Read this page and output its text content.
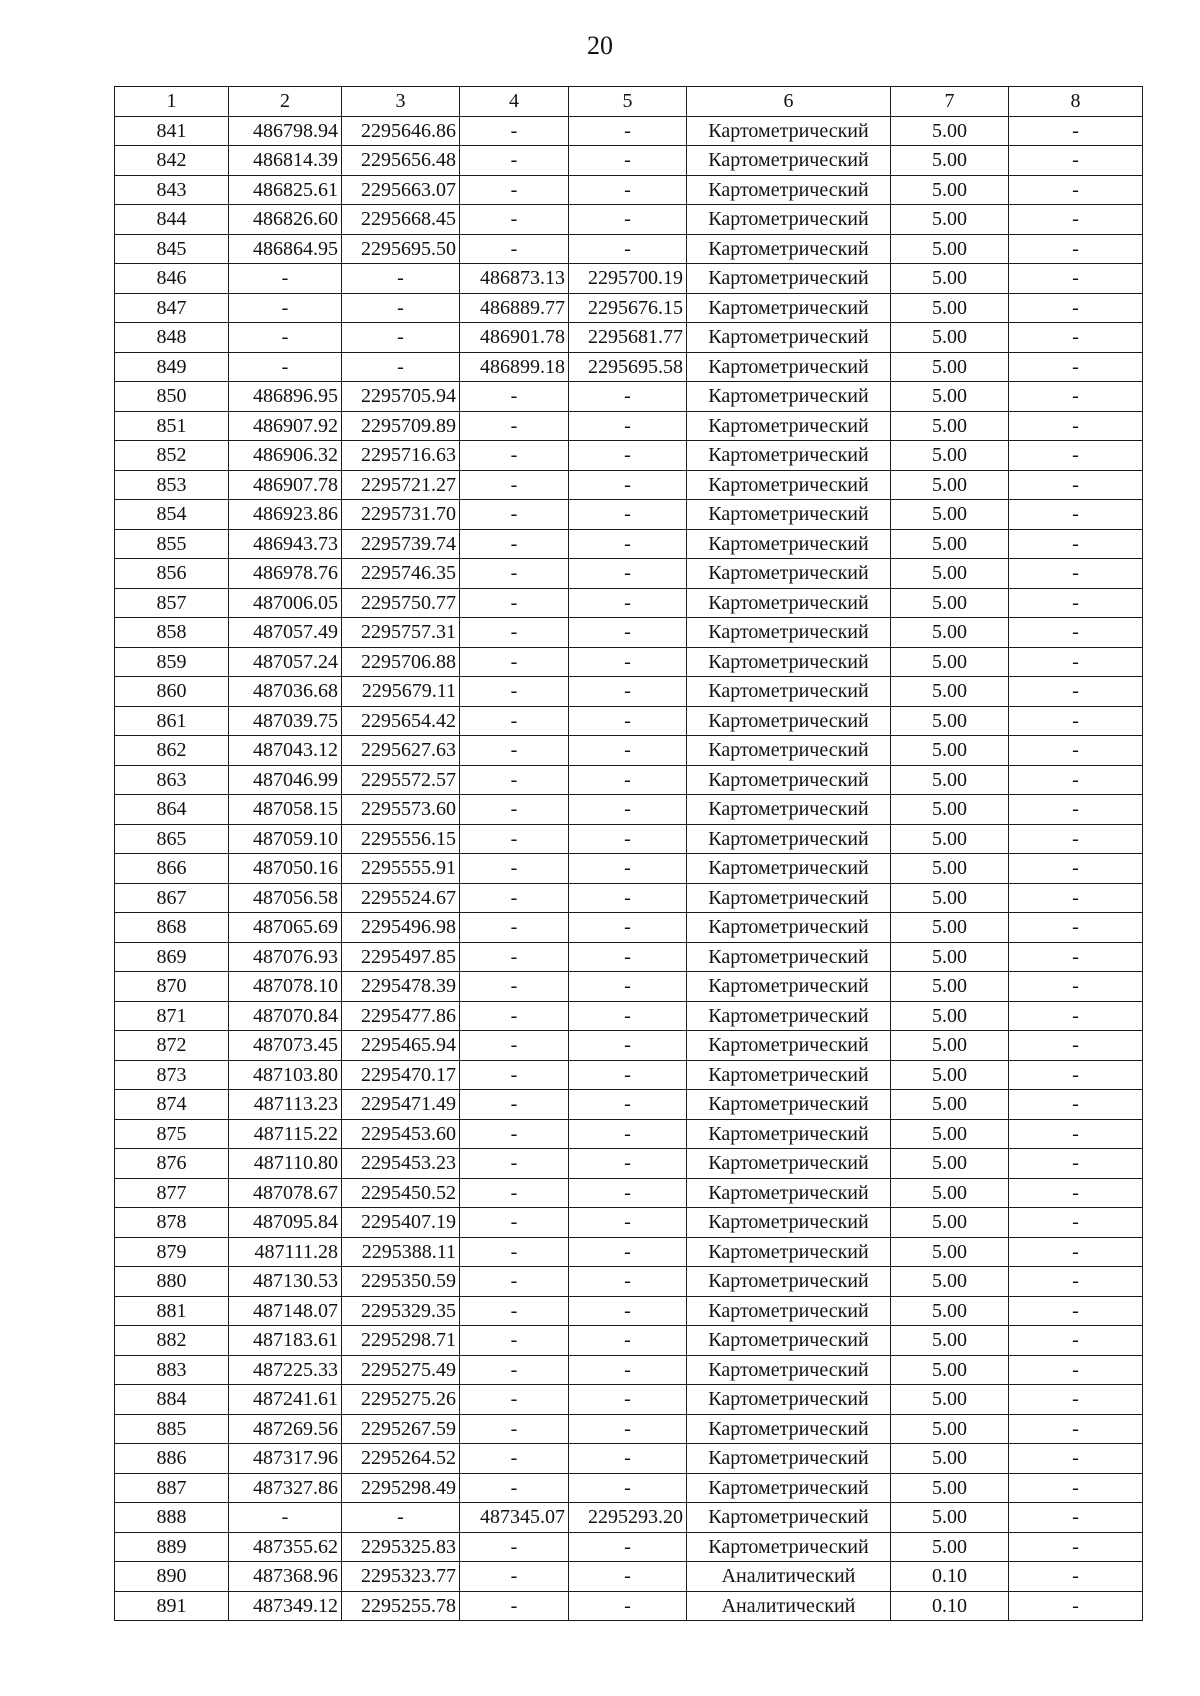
20
1	2	3	4	5	6	7	8
841	486798.94	2295646.86	-	-	Картометрический	5.00	-
842	486814.39	2295656.48	-	-	Картометрический	5.00	-
843	486825.61	2295663.07	-	-	Картометрический	5.00	-
844	486826.60	2295668.45	-	-	Картометрический	5.00	-
845	486864.95	2295695.50	-	-	Картометрический	5.00	-
846	-	-	486873.13	2295700.19	Картометрический	5.00	-
847	-	-	486889.77	2295676.15	Картометрический	5.00	-
848	-	-	486901.78	2295681.77	Картометрический	5.00	-
849	-	-	486899.18	2295695.58	Картометрический	5.00	-
850	486896.95	2295705.94	-	-	Картометрический	5.00	-
851	486907.92	2295709.89	-	-	Картометрический	5.00	-
852	486906.32	2295716.63	-	-	Картометрический	5.00	-
853	486907.78	2295721.27	-	-	Картометрический	5.00	-
854	486923.86	2295731.70	-	-	Картометрический	5.00	-
855	486943.73	2295739.74	-	-	Картометрический	5.00	-
856	486978.76	2295746.35	-	-	Картометрический	5.00	-
857	487006.05	2295750.77	-	-	Картометрический	5.00	-
858	487057.49	2295757.31	-	-	Картометрический	5.00	-
859	487057.24	2295706.88	-	-	Картометрический	5.00	-
860	487036.68	2295679.11	-	-	Картометрический	5.00	-
861	487039.75	2295654.42	-	-	Картометрический	5.00	-
862	487043.12	2295627.63	-	-	Картометрический	5.00	-
863	487046.99	2295572.57	-	-	Картометрический	5.00	-
864	487058.15	2295573.60	-	-	Картометрический	5.00	-
865	487059.10	2295556.15	-	-	Картометрический	5.00	-
866	487050.16	2295555.91	-	-	Картометрический	5.00	-
867	487056.58	2295524.67	-	-	Картометрический	5.00	-
868	487065.69	2295496.98	-	-	Картометрический	5.00	-
869	487076.93	2295497.85	-	-	Картометрический	5.00	-
870	487078.10	2295478.39	-	-	Картометрический	5.00	-
871	487070.84	2295477.86	-	-	Картометрический	5.00	-
872	487073.45	2295465.94	-	-	Картометрический	5.00	-
873	487103.80	2295470.17	-	-	Картометрический	5.00	-
874	487113.23	2295471.49	-	-	Картометрический	5.00	-
875	487115.22	2295453.60	-	-	Картометрический	5.00	-
876	487110.80	2295453.23	-	-	Картометрический	5.00	-
877	487078.67	2295450.52	-	-	Картометрический	5.00	-
878	487095.84	2295407.19	-	-	Картометрический	5.00	-
879	487111.28	2295388.11	-	-	Картометрический	5.00	-
880	487130.53	2295350.59	-	-	Картометрический	5.00	-
881	487148.07	2295329.35	-	-	Картометрический	5.00	-
882	487183.61	2295298.71	-	-	Картометрический	5.00	-
883	487225.33	2295275.49	-	-	Картометрический	5.00	-
884	487241.61	2295275.26	-	-	Картометрический	5.00	-
885	487269.56	2295267.59	-	-	Картометрический	5.00	-
886	487317.96	2295264.52	-	-	Картометрический	5.00	-
887	487327.86	2295298.49	-	-	Картометрический	5.00	-
888	-	-	487345.07	2295293.20	Картометрический	5.00	-
889	487355.62	2295325.83	-	-	Картометрический	5.00	-
890	487368.96	2295323.77	-	-	Аналитический	0.10	-
891	487349.12	2295255.78	-	-	Аналитический	0.10	-
